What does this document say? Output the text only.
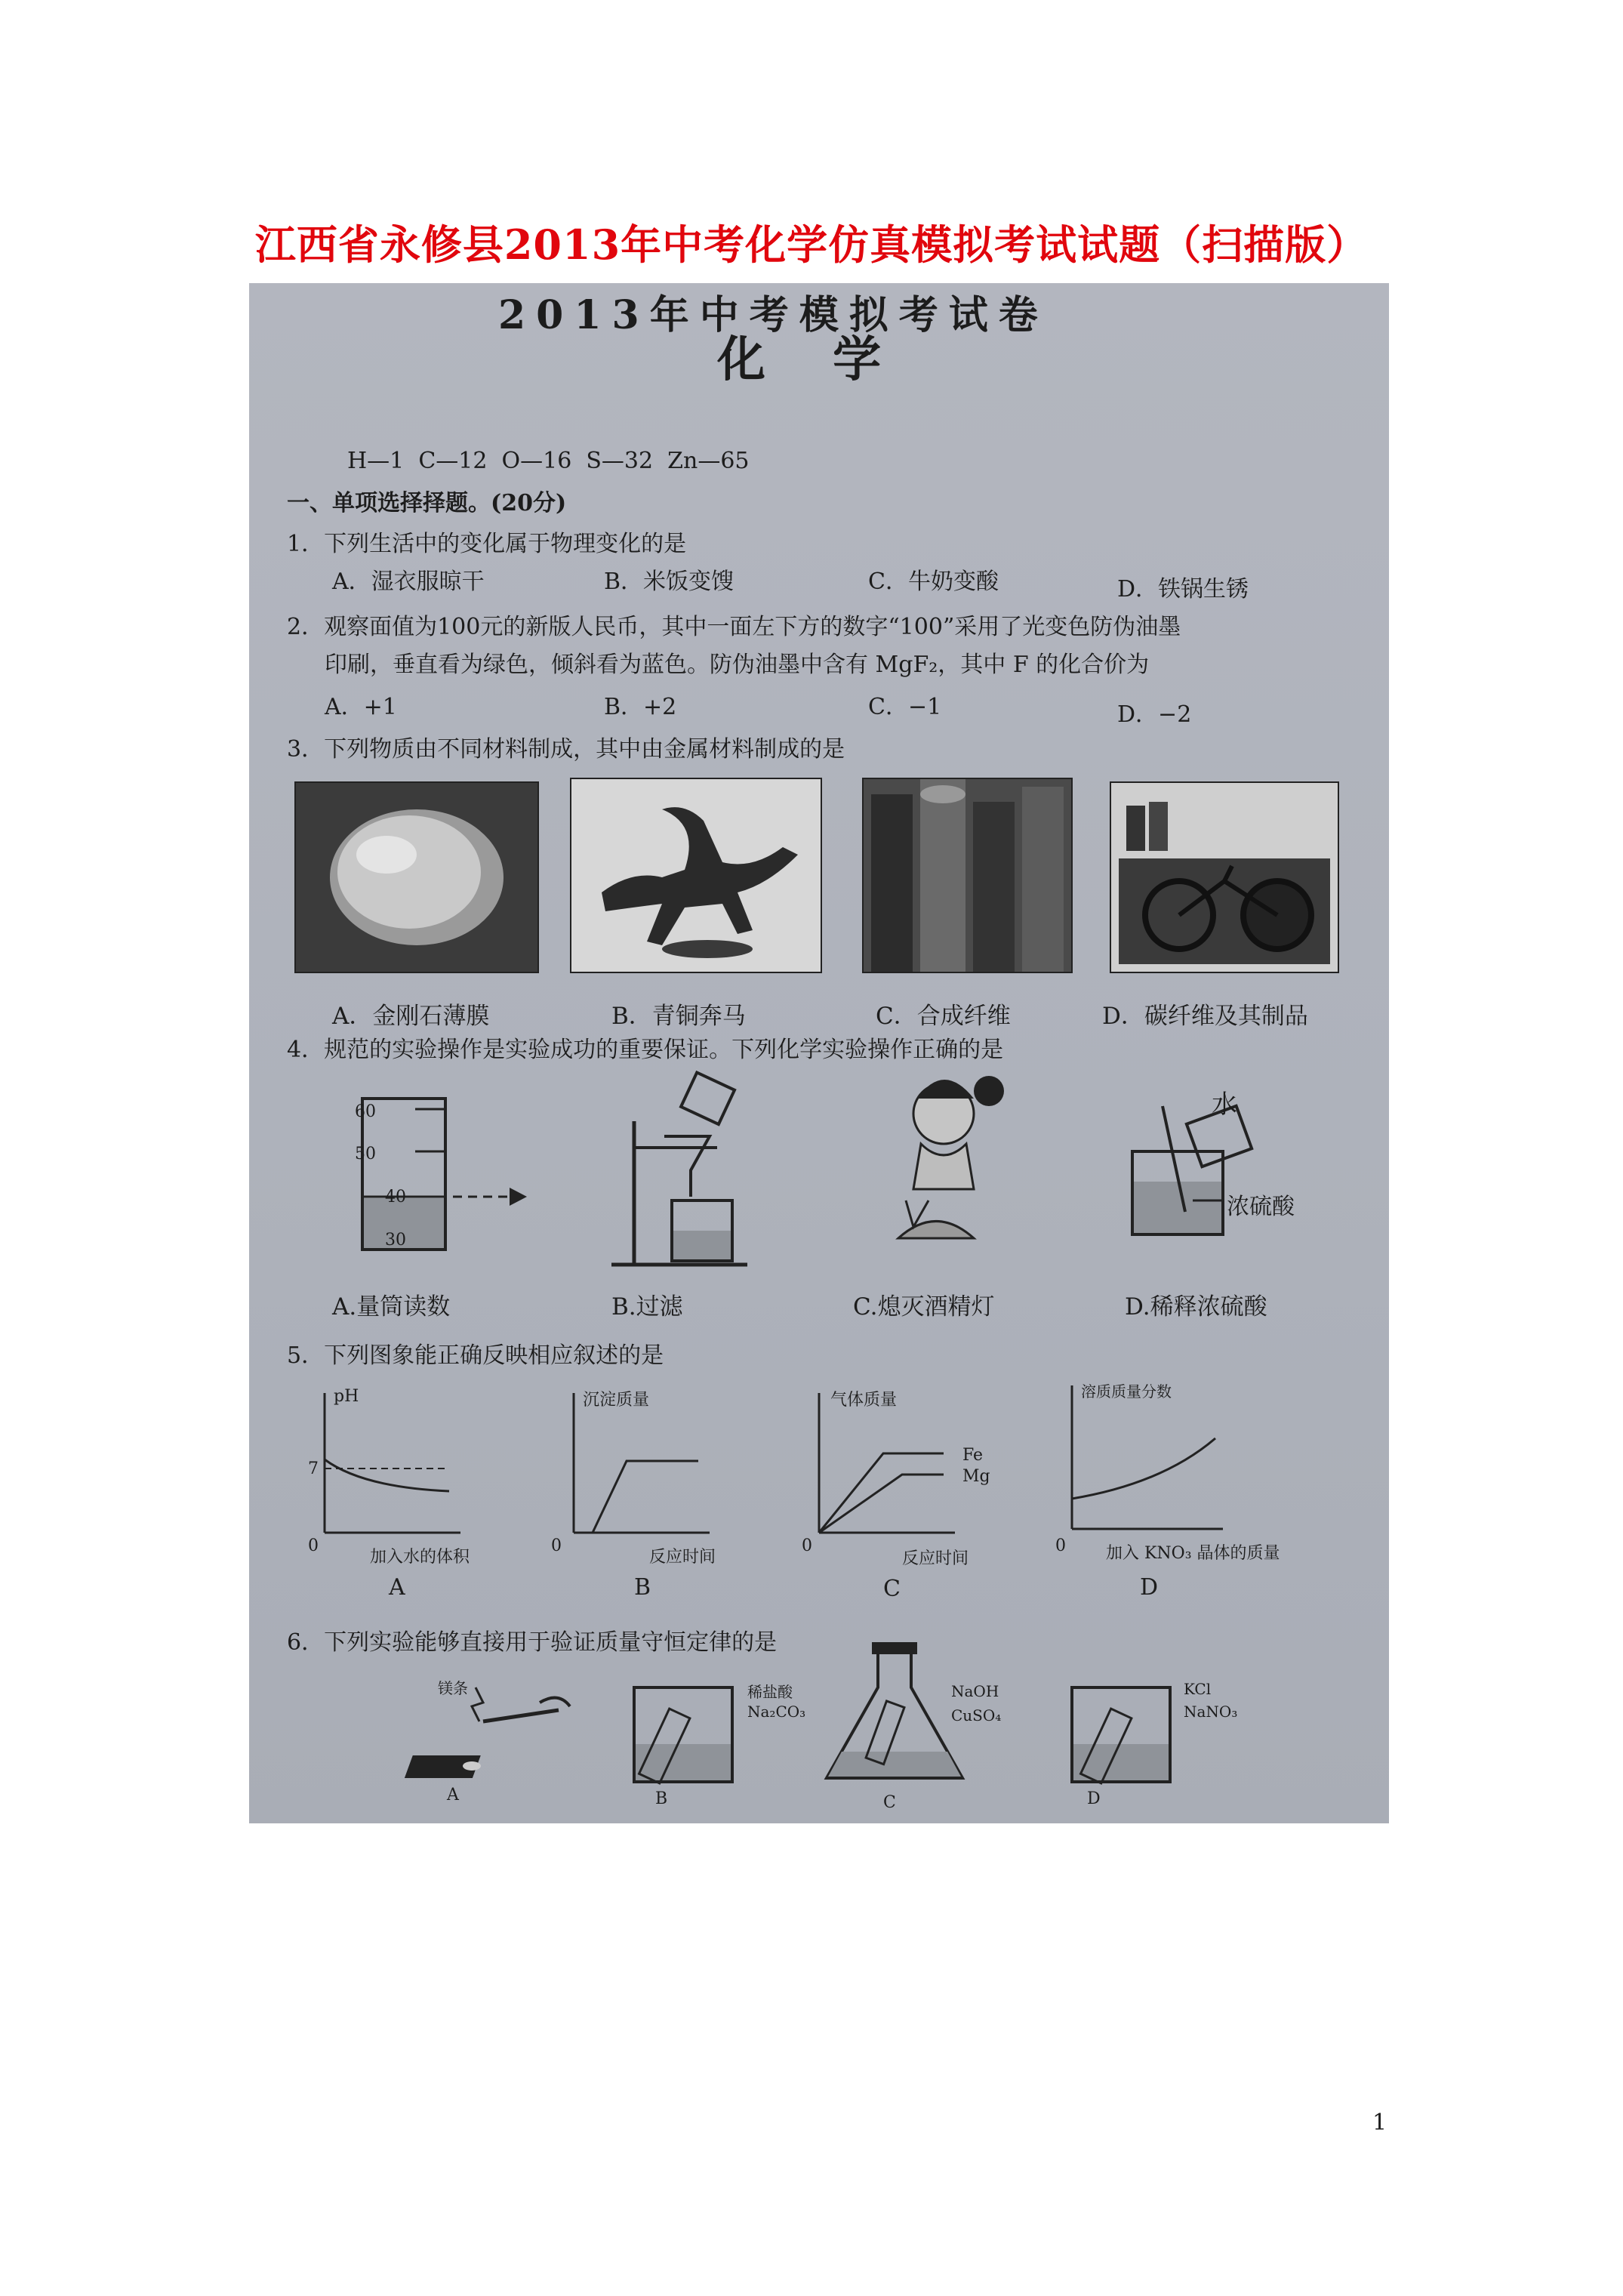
江西省永修县2013年中考化学仿真模拟考试试题（扫描版）
2013年中考模拟考试卷
化    学
H—1  C—12  O—16  S—32  Zn—65
一、单项选择择题。(20分)
1．下列生活中的变化属于物理变化的是
A．湿衣服晾干	B．米饭变馊	C．牛奶变酸	D．铁锅生锈
2．观察面值为100元的新版人民币，其中一面左下方的数字“100”采用了光变色防伪油墨
印刷，垂直看为绿色，倾斜看为蓝色。防伪油墨中含有 MgF₂，其中 F 的化合价为
A．+1	B．+2	C．−1	D．−2
3．下列物质由不同材料制成，其中由金属材料制成的是
A．金刚石薄膜	B．青铜奔马	C．合成纤维	D．碳纤维及其制品
4．规范的实验操作是实验成功的重要保证。下列化学实验操作正确的是
60
50
40
30
水
浓硫酸
A.量筒读数	B.过滤	C.熄灭酒精灯	D.稀释浓硫酸
5．下列图象能正确反映相应叙述的是
pH
7
0
加入水的体积
A
沉淀质量
0
反应时间
B
气体质量
Fe
Mg
0
反应时间
C
溶质质量分数
0 加入 KNO₃ 晶体的质量
D
6．下列实验能够直接用于验证质量守恒定律的是
镁条
A
稀盐酸
Na₂CO₃
B
NaOH
CuSO₄
C
KCl
NaNO₃
D
1
